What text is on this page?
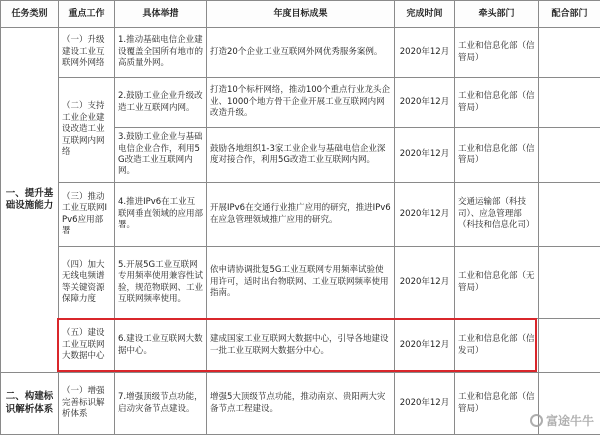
任务类别	重点工作	具体举措	年度目标成果	完成时间	牵头部门	配合部门
一、提升基础设施能力	（一）升级建设工业互联网外网络	1.推动基础电信企业建设覆盖全国所有地市的高质量外网。	打造20个企业工业互联网外网优秀服务案例。	2020年12月	工业和信息化部（信管局）	
	（二）支持工业企业建设改造工业互联网内网络	2.鼓励工业企业升级改造工业互联网内网。	打造10个标杆网络，推动100个重点行业龙头企业、1000个地方骨干企业开展工业互联网内网改造升级。	2020年12月	工业和信息化部（信管局）	
		3.鼓励工业企业与基础电信企业合作，利用5G改造工业互联网内网。	鼓励各地组织1-3家工业企业与基础电信企业深度对接合作，利用5G改造工业互联网内网。	2020年12月	工业和信息化部（信管局）	
	（三）推动工业互联网IPv6应用部署	4.推进IPv6在工业互联网垂直领域的应用部署。	开展IPv6在交通行业推广应用的研究，推进IPv6在应急管理领域推广应用的研究。	2020年12月	交通运输部（科技司）、应急管理部（科技和信息化司）	
	（四）加大无线电频谱等关键资源保障力度	5.开展5G工业互联网专用频率使用兼容性试验，规范物联网、工业互联网频率使用。	依申请协调批复5G工业互联网专用频率试验使用许可，适时出台物联网、工业互联网频率使用指南。	2020年12月	工业和信息化部（无管局）	
	（五）建设工业互联网大数据中心	6.建设工业互联网大数据中心。	建成国家工业互联网大数据中心，引导各地建设一批工业互联网大数据分中心。	2020年12月	工业和信息化部（信发司）	
二、构建标识解析体系	（一）增强完善标识解析体系	7.增强顶级节点功能，启动灾备节点建设。	增强5大顶级节点功能，推动南京、贵阳两大灾备节点工程建设。	2020年12月	工业和信息化部（信管局）	
富途牛牛
